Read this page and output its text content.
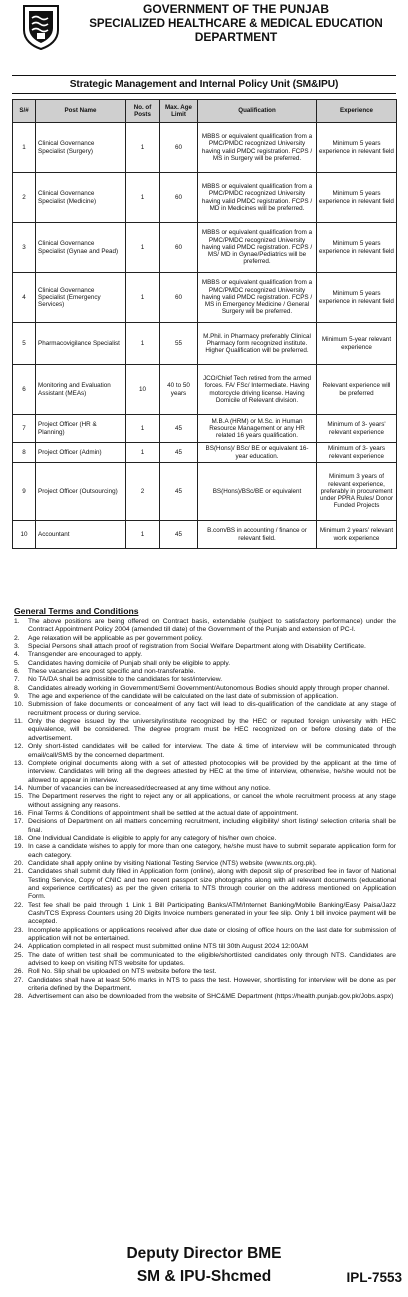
GOVERNMENT OF THE PUNJAB
SPECIALIZED HEALTHCARE & MEDICAL EDUCATION
DEPARTMENT
Strategic Management and Internal Policy Unit (SM&IPU)
S/#	Post Name	No. of Posts	Max. Age Limit	Qualification	Experience
1	Clinical Governance Specialist (Surgery)	1	60	MBBS or equivalent qualification from a PMC/PMDC recognized University having valid PMDC registration. FCPS / MS in Surgery will be preferred.	Minimum 5 years experience in relevant field
2	Clinical Governance Specialist (Medicine)	1	60	MBBS or equivalent qualification from a PMC/PMDC recognized University having valid PMDC registration. FCPS / MD in Medicines will be preferred.	Minimum 5 years experience in relevant field
3	Clinical Governance Specialist (Gynae and Pead)	1	60	MBBS or equivalent qualification from a PMC/PMDC recognized University having valid PMDC registration. FCPS / MS/ MD in Gynae/Pediatrics will be preferred.	Minimum 5 years experience in relevant field
4	Clinical Governance Specialist (Emergency Services)	1	60	MBBS or equivalent qualification from a PMC/PMDC recognized University having valid PMDC registration. FCPS / MS in Emergency Medicine / General Surgery will be preferred.	Minimum 5 years experience in relevant field
5	Pharmacovigilance Specialist	1	55	M.Phil. in Pharmacy preferably Clinical Pharmacy form recognized institute. Higher Qualification will be preferred.	Minimum 5-year relevant experience
6	Monitoring and Evaluation Assistant (MEAs)	10	40 to 50 years	JCO/Chief Tech retired from the armed forces. FA/ FSc/ Intermediate. Having motorcycle driving license. Having Domicile of Relevant division.	Relevant experience will be preferred
7	Project Officer (HR & Planning)	1	45	M.B.A (HRM) or M.Sc. in Human Resource Management or any HR related 16 years qualification.	Minimum of 3- years' relevant experience
8	Project Officer (Admin)	1	45	BS(Hons)/ BSc/ BE or equivalent 16-year education.	Minimum of 3- years relevant experience
9	Project Officer (Outsourcing)	2	45	BS(Hons)/BSc/BE or equivalent	Minimum 3 years of relevant experience, preferably in procurement under PPRA Rules/ Donor Funded Projects
10	Accountant	1	45	B.com/BS in accounting / finance or relevant field.	Minimum 2 years' relevant work experience
General Terms and Conditions
1. The above positions are being offered on Contract basis, extendable (subject to satisfactory performance) under the Contract Appointment Policy 2004 (amended till date) of the Government of the Punjab and extension of PC-I.
2. Age relaxation will be applicable as per government policy.
3. Special Persons shall attach proof of registration from Social Welfare Department along with Disability Certificate.
4. Transgender are encouraged to apply.
5. Candidates having domicile of Punjab shall only be eligible to apply.
6. These vacancies are post specific and non-transferable.
7. No TA/DA shall be admissible to the candidates for test/interview.
8. Candidates already working in Government/Semi Government/Autonomous Bodies should apply through proper channel.
9. The age and experience of the candidate will be calculated on the last date of submission of application.
10. Submission of fake documents or concealment of any fact will lead to dis-qualification of the candidate at any stage of recruitment process or during service.
11. Only the degree issued by the university/institute recognized by the HEC or reputed foreign university with HEC equivalence, will be considered. The degree program must be HEC recognized on or before closing date of the advertisement.
12. Only short-listed candidates will be called for interview. The date & time of interview will be communicated through email/call/SMS by the concerned department.
13. Complete original documents along with a set of attested photocopies will be provided by the applicant at the time of interview. Candidates will bring all the degrees attested by HEC at the time of interview, otherwise, he/she would not be allowed to appear in interview.
14. Number of vacancies can be increased/decreased at any time without any notice.
15. The Department reserves the right to reject any or all applications, or cancel the whole recruitment process at any stage without assigning any reasons.
16. Final Terms & Conditions of appointment shall be settled at the actual date of appointment.
17. Decisions of Department on all matters concerning recruitment, including eligibility/ short listing/ selection criteria shall be final.
18. One Individual Candidate is eligible to apply for any category of his/her own choice.
19. In case a candidate wishes to apply for more than one category, he/she must have to submit separate application form for each category.
20. Candidate shall apply online by visiting National Testing Service (NTS) website (www.nts.org.pk).
21. Candidates shall submit duly filled in Application form (online), along with deposit slip of prescribed fee in favor of National Testing Service, Copy of CNIC and two recent passport size photographs along with all relevant documents (educational and experience certificates) as per the given criteria to NTS through courier on the address mentioned on Application Form.
22. Test fee shall be paid through 1 Link 1 Bill Participating Banks/ATM/Internet Banking/Mobile Banking/Easy Paisa/Jazz Cash/TCS Express Counters using 20 Digits Invoice numbers generated in your fee slip. Only 1 bill invoice payment will be accepted.
23. Incomplete applications or applications received after due date or closing of office hours on the last date for submission of application will not be entertained.
24. Application completed in all respect must submitted online NTS till 30th August 2024 12:00AM
25. The date of written test shall be communicated to the eligible/shortlisted candidates only through NTS. Candidates are advised to keep on visiting NTS website for updates.
26. Roll No. Slip shall be uploaded on NTS website before the test.
27. Candidates shall have at least 50% marks in NTS to pass the test. However, shortlisting for interview will be done as per criteria defined by the Department.
28. Advertisement can also be downloaded from the website of SHC&ME Department (https://health.punjab.gov.pk/Jobs.aspx)
Deputy Director BME
SM & IPU-Shcmed	IPL-7553
